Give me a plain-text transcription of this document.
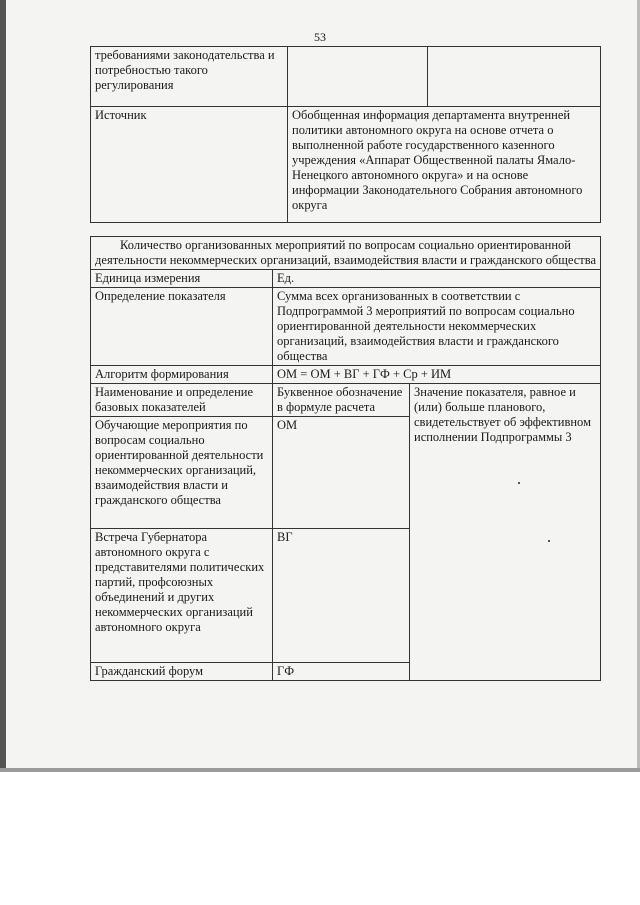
53
требованиями законодательства и потребностью такого регулирования		
Источник	Обобщенная информация департамента внутренней политики автономного округа на основе отчета о выполненной работе государственного казенного учреждения «Аппарат Общественной палаты Ямало-Ненецкого автономного округа» и на основе информации Законодательного Собрания автономного округа	
Количество организованных мероприятий по вопросам социально ориентированной деятельности некоммерческих организаций, взаимодействия власти и гражданского общества		
Единица измерения	Ед.	
Определение показателя	Сумма всех организованных в соответствии с Подпрограммой 3 мероприятий по вопросам социально ориентированной деятельности некоммерческих организаций, взаимодействия власти и гражданского общества	
Алгоритм формирования	ОМ = ОМ + ВГ + ГФ + Ср + ИМ	
Наименование и определение базовых показателей	Буквенное обозначение в формуле расчета	Значение показателя, равное и (или) больше планового, свидетельствует об эффективном исполнении Подпрограммы 3
Обучающие мероприятия по вопросам социально ориентированной деятельности некоммерческих организаций, взаимодействия власти и гражданского общества	ОМ	
Встреча Губернатора автономного округа с представителями политических партий, профсоюзных объединений и других некоммерческих организаций автономного округа	ВГ	
Гражданский форум	ГФ	
